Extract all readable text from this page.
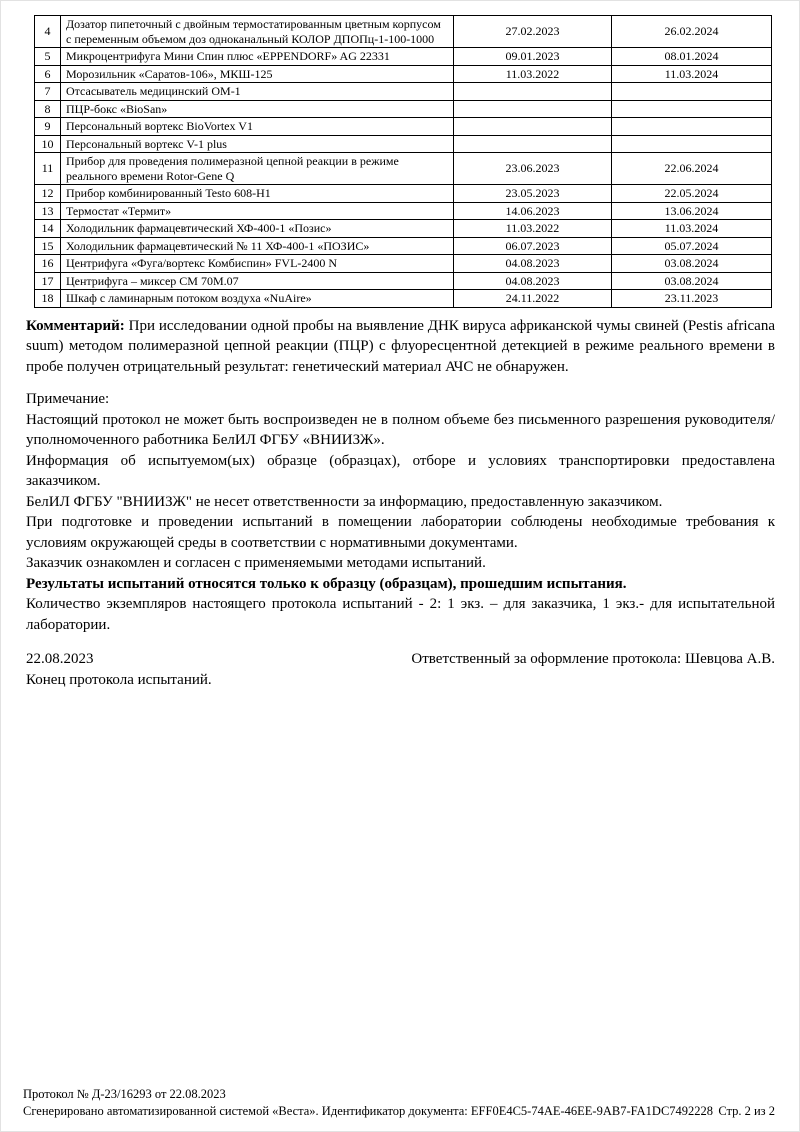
4	Дозатор пипеточный с двойным термостатированным цветным корпусом с переменным объемом доз одноканальный КОЛОР ДПОПц-1-100-1000	27.02.2023	26.02.2024
5	Микроцентрифуга Мини Спин плюс «EPPENDORF» AG 22331	09.01.2023	08.01.2024
6	Морозильник «Саратов-106», МКШ-125	11.03.2022	11.03.2024
7	Отсасыватель медицинский ОМ-1		
8	ПЦР-бокс «BioSan»		
9	Персональный вортекс BioVortex V1		
10	Персональный вортекс V-1 plus		
11	Прибор для проведения полимеразной цепной реакции в режиме реального времени Rotor-Gene Q	23.06.2023	22.06.2024
12	Прибор комбинированный Testo 608-Н1	23.05.2023	22.05.2024
13	Термостат «Термит»	14.06.2023	13.06.2024
14	Холодильник фармацевтический ХФ-400-1 «Позис»	11.03.2022	11.03.2024
15	Холодильник фармацевтический № 11 ХФ-400-1 «ПОЗИС»	06.07.2023	05.07.2024
16	Центрифуга «Фуга/вортекс Комбиспин» FVL-2400 N	04.08.2023	03.08.2024
17	Центрифуга – миксер СМ 70М.07	04.08.2023	03.08.2024
18	Шкаф с ламинарным потоком воздуха «NuAire»	24.11.2022	23.11.2023

Комментарий: При исследовании одной пробы на выявление ДНК вируса африканской чумы свиней (Pestis africana suum) методом полимеразной цепной реакции (ПЦР) с флуоресцентной детекцией в режиме реального времени в пробе получен отрицательный результат: генетический материал АЧС не обнаружен.

Примечание:

Настоящий протокол не может быть воспроизведен не в полном объеме без письменного разрешения руководителя/уполномоченного работника БелИЛ ФГБУ «ВНИИЗЖ».

Информация об испытуемом(ых) образце (образцах), отборе и условиях транспортировки предоставлена заказчиком.

БелИЛ ФГБУ "ВНИИЗЖ" не несет ответственности за информацию, предоставленную заказчиком.

При подготовке и проведении испытаний в помещении лаборатории соблюдены необходимые требования к условиям окружающей среды в соответствии с нормативными документами.

Заказчик ознакомлен и согласен с применяемыми методами испытаний.

Результаты испытаний относятся только к образцу (образцам), прошедшим испытания.

Количество экземпляров настоящего протокола испытаний - 2: 1 экз. – для заказчика, 1 экз.- для испытательной лаборатории.

22.08.2023	Ответственный за оформление протокола: Шевцова А.В.
Конец протокола испытаний.
Протокол № Д-23/16293 от 22.08.2023
Сгенерировано автоматизированной системой «Веста». Идентификатор документа: EFF0E4C5-74AE-46EE-9AB7-FA1DC7492228 Стр. 2 из 2
